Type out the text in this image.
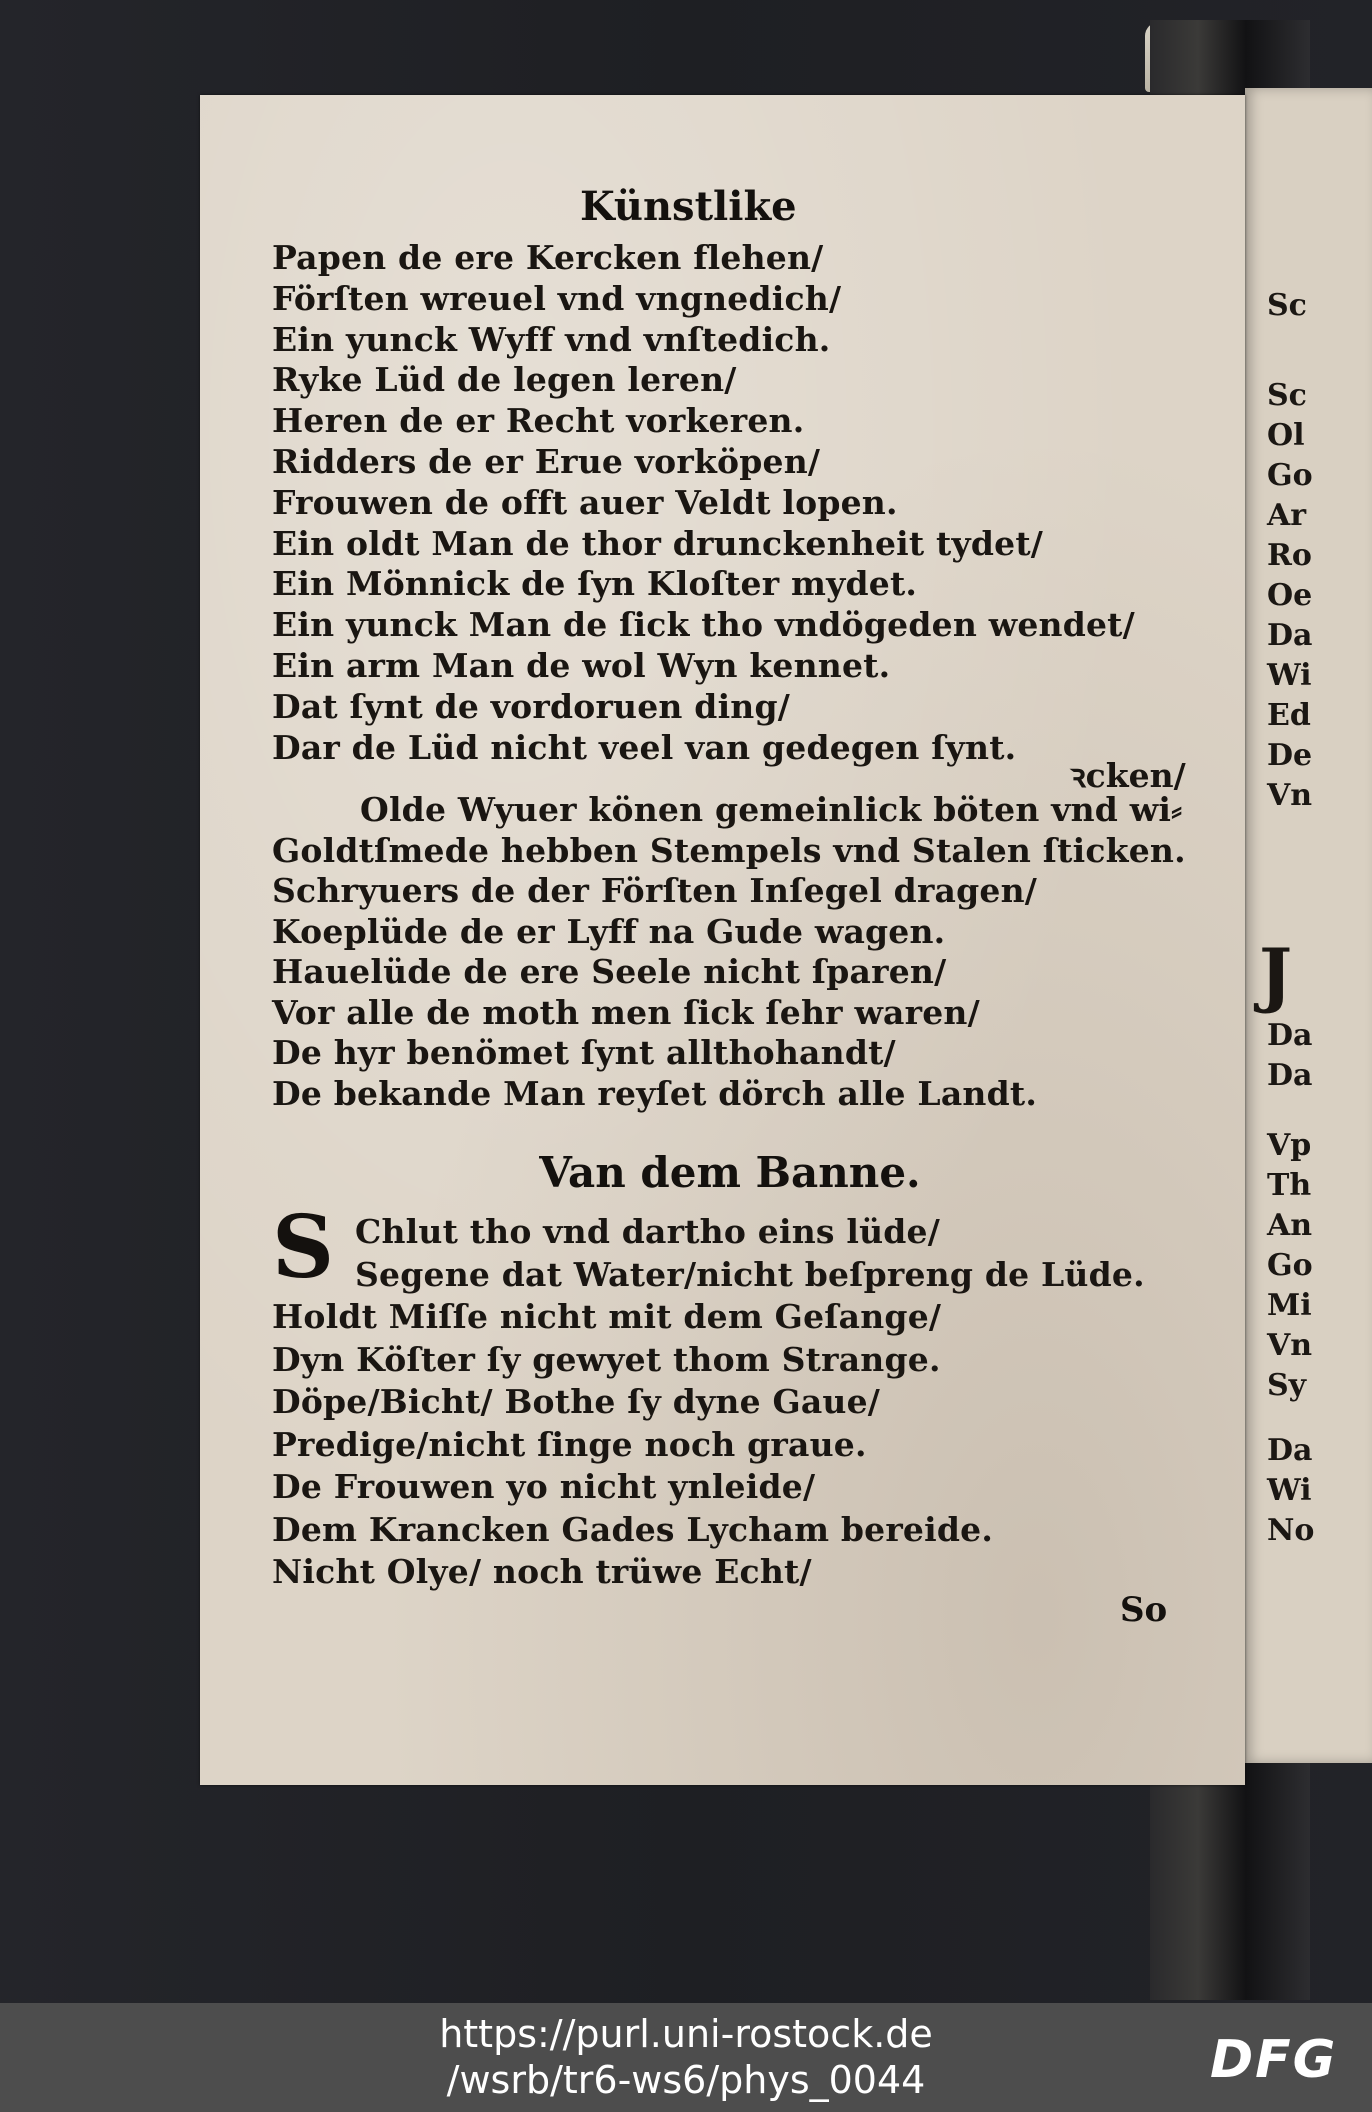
Sc
Sc
Ol
Go
Ar
Ro
Oe
Da
Wi
Ed
De
Vn
J
Da
Da
Vp
Th
An
Go
Mi
Vn
Sy
Da
Wi
No
Künstlike
Papen de ere Kercken flehen/
Förſten wreuel vnd vngnedich/
Ein yunck Wyff vnd vnſtedich.
Ryke Lüd de legen leren/
Heren de er Recht vorkeren.
Ridders de er Erue vorköpen/
Frouwen de offt auer Veldt lopen.
Ein oldt Man de thor drunckenheit tydet/
Ein Mönnick de ſyn Kloſter mydet.
Ein yunck Man de ſick tho vndögeden wendet/
Ein arm Man de wol Wyn kennet.
Dat ſynt de vordoruen ding/
Dar de Lüd nicht veel van gedegen ſynt.
ꝛcken/
Olde Wyuer könen gemeinlick böten vnd wi⸗
Goldtſmede hebben Stempels vnd Stalen ſticken.
Schryuers de der Förſten Inſegel dragen/
Koeplüde de er Lyff na Gude wagen.
Hauelüde de ere Seele nicht ſparen/
Vor alle de moth men ſick ſehr waren/
De hyr benömet ſynt allthohandt/
De bekande Man reyſet dörch alle Landt.
Van dem Banne.
S Chlut tho vnd dartho eins lüde/
Segene dat Water/nicht beſpreng de Lüde.
Holdt Miſſe nicht mit dem Geſange/
Dyn Köſter ſy gewyet thom Strange.
Döpe/Bicht/ Bothe ſy dyne Gaue/
Predige/nicht ſinge noch graue.
De Frouwen yo nicht ynleide/
Dem Krancken Gades Lycham bereide.
Nicht Olye/ noch trüwe Echt/
So
https://purl.uni-rostock.de
/wsrb/tr6-ws6/phys_0044	DFG
